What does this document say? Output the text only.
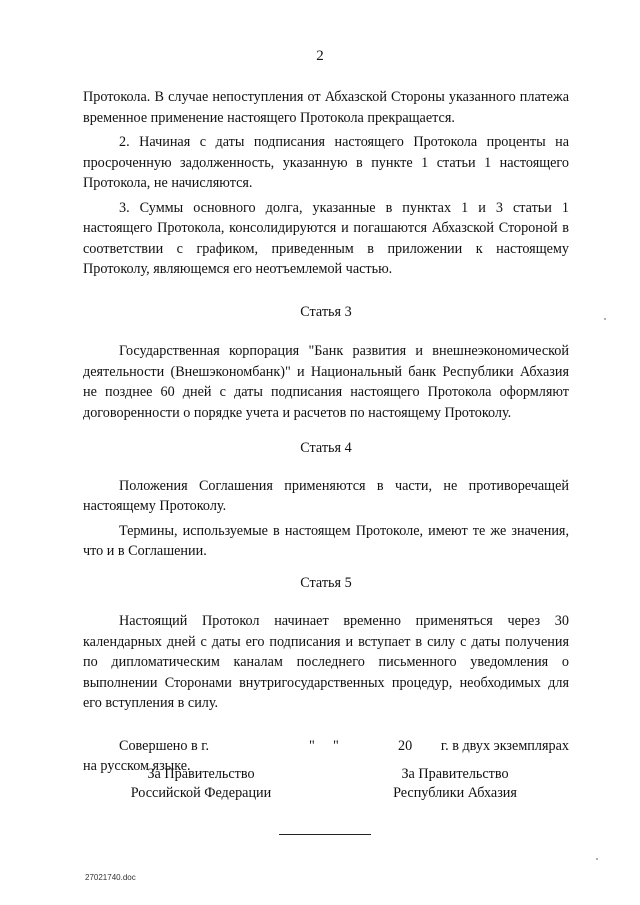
2

Протокола. В случае непоступления от Абхазской Стороны указанного платежа временное применение настоящего Протокола прекращается.

2. Начиная с даты подписания настоящего Протокола проценты на просроченную задолженность, указанную в пункте 1 статьи 1 настоящего Протокола, не начисляются.

3. Суммы основного долга, указанные в пунктах 1 и 3 статьи 1 настоящего Протокола, консолидируются и погашаются Абхазской Стороной в соответствии с графиком, приведенным в приложении к настоящему Протоколу, являющемся его неотъемлемой частью.

Статья 3

Государственная корпорация "Банк развития и внешнеэкономической деятельности (Внешэкономбанк)" и Национальный банк Республики Абхазия не позднее 60 дней с даты подписания настоящего Протокола оформляют договоренности о порядке учета и расчетов по настоящему Протоколу.

Статья 4

Положения Соглашения применяются в части, не противоречащей настоящему Протоколу.

Термины, используемые в настоящем Протоколе, имеют те же значения, что и в Соглашении.

Статья 5

Настоящий Протокол начинает временно применяться через 30 календарных дней с даты его подписания и вступает в силу с даты получения по дипломатическим каналам последнего письменного уведомления о выполнении Сторонами внутригосударственных процедур, необходимых для его вступления в силу.

Совершено в г.	" "	20 г. в двух экземплярах

на русском языке.

За Правительство
Российской Федерации
За Правительство
Республики Абхазия
27021740.doc
